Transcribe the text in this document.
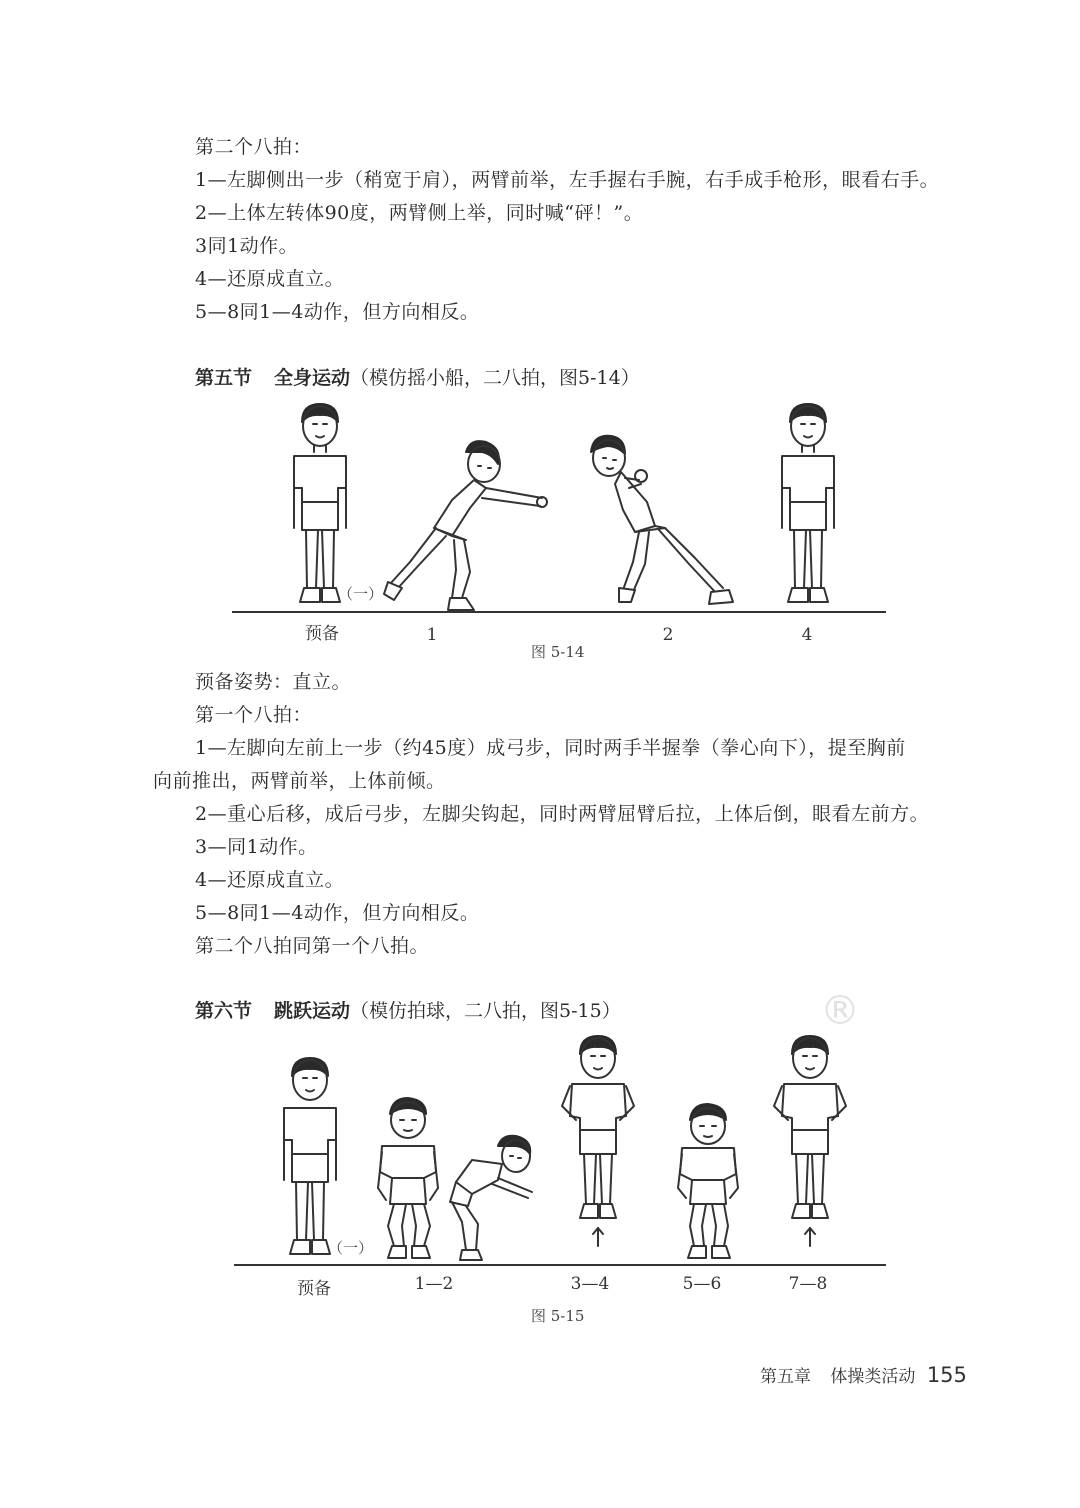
第二个八拍：
1—左脚侧出一步（稍宽于肩），两臂前举，左手握右手腕，右手成手枪形，眼看右手。
2—上体左转体90度，两臂侧上举，同时喊“砰！”。
3同1动作。
4—还原成直立。
5—8同1—4动作，但方向相反。
第五节 全身运动（模仿摇小船，二八拍，图5-14）
（一）
预备	1	2	4
图 5-14
预备姿势：直立。
第一个八拍：
1—左脚向左前上一步（约45度）成弓步，同时两手半握拳（拳心向下），提至胸前
向前推出，两臂前举，上体前倾。
2—重心后移，成后弓步，左脚尖钩起，同时两臂屈臂后拉，上体后倒，眼看左前方。
3—同1动作。
4—还原成直立。
5—8同1—4动作，但方向相反。
第二个八拍同第一个八拍。
®
第六节 跳跃运动（模仿拍球，二八拍，图5-15）
（一）
预备	1—2	3—4	5—6	7—8
图 5-15
第五章 体操类活动 155
